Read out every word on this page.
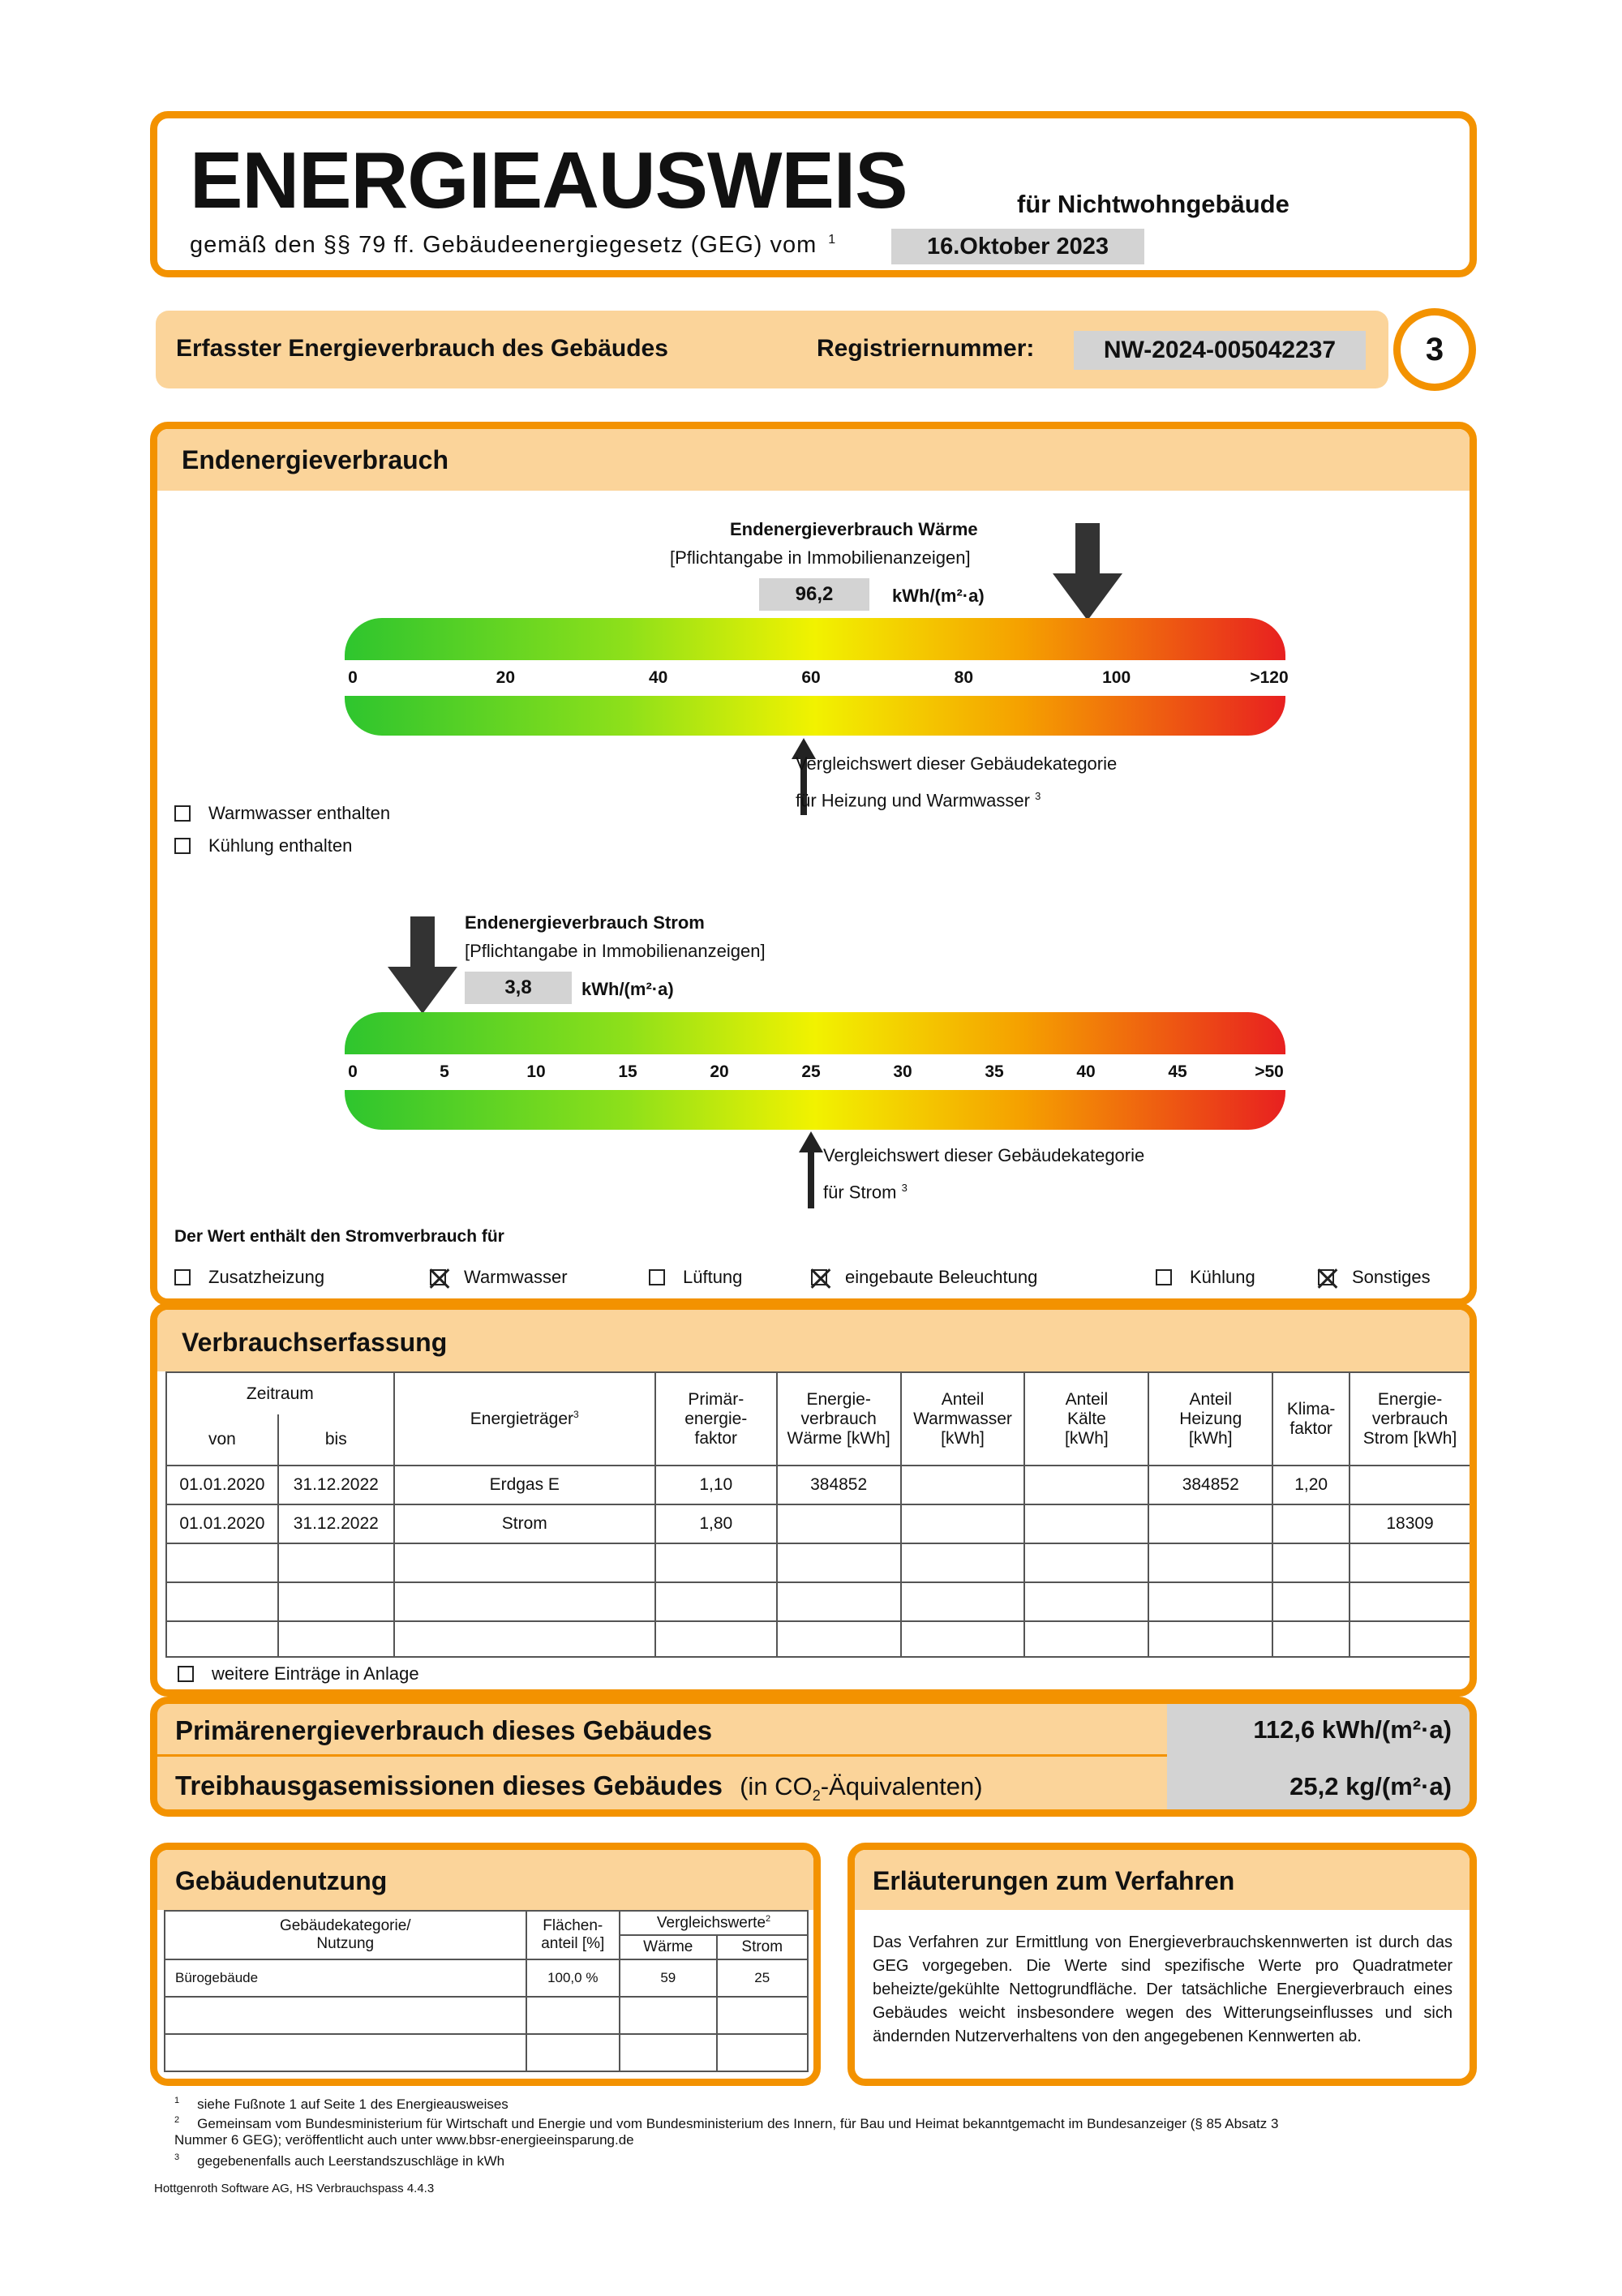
ENERGIEAUSWEIS	für Nichtwohngebäude
gemäß den §§ 79 ff. Gebäudeenergiegesetz (GEG) vom $^1$	16.Oktober 2023
Erfasster Energieverbrauch des Gebäudes	Registriernummer:	NW-2024-005042237	3
Endenergieverbrauch
Endenergieverbrauch Wärme
[Pflichtangabe in Immobilienanzeigen]
96,2	kWh/(m²·a)
0	20	40	60	80	100	>120
Vergleichswert dieser Gebäudekategorie
für Heizung und Warmwasser $^3$
Warmwasser enthalten
Kühlung enthalten
Endenergieverbrauch Strom
[Pflichtangabe in Immobilienanzeigen]
3,8	kWh/(m²·a)
0	5	10	15	20	25	30	35	40	45	>50
Vergleichswert dieser Gebäudekategorie
für Strom $^3$
Der Wert enthält den Stromverbrauch für
Zusatzheizung	Warmwasser	Lüftung	eingebaute Beleuchtung	Kühlung	Sonstiges
Verbrauchserfassung
Zeitraum		Energieträger$^3$	Primär-energie-faktor	Energie-verbrauch Wärme [kWh]	Anteil Warmwasser [kWh]	Anteil Kälte [kWh]	Anteil Heizung [kWh]	Klima-faktor	Energie-verbrauch Strom [kWh]
von	bis								
01.01.2020	31.12.2022	Erdgas E	1,10	384852			384852	1,20	
01.01.2020	31.12.2022	Strom	1,80						18309

weitere Einträge in Anlage
Primärenergieverbrauch dieses Gebäudes	112,6 kWh/(m²·a)
Treibhausgasemissionen dieses Gebäudes (in $CO_2-Äquivalenten$)	25,2 kg/(m²·a)
Gebäudenutzung
Gebäudekategorie/ Nutzung	Flächen-anteil [%]	Vergleichswerte$^2$
		Wärme	Strom
Bürogebäude	100,0 %	59	25

Erläuterungen zum Verfahren
Das Verfahren zur Ermittlung von Energieverbrauchskennwerten ist durch das GEG vorgegeben. Die Werte sind spezifische Werte pro Quadratmeter beheizte/gekühlte Nettogrundfläche. Der tatsächliche Energieverbrauch eines Gebäudes weicht insbesondere wegen des Witterungseinflusses und sich ändernden Nutzerverhaltens von den angegebenen Kennwerten ab.
$^1$ siehe Fußnote 1 auf Seite 1 des Energieausweises
$^2$ Gemeinsam vom Bundesministerium für Wirtschaft und Energie und vom Bundesministerium des Innern, für Bau und Heimat bekanntgemacht im Bundesanzeiger (§ 85 Absatz 3 Nummer 6 GEG); veröffentlicht auch unter www.bbsr-energieeinsparung.de
$^3$ gegebenenfalls auch Leerstandszuschläge in kWh
Hottgenroth Software AG, HS Verbrauchspass 4.4.3
